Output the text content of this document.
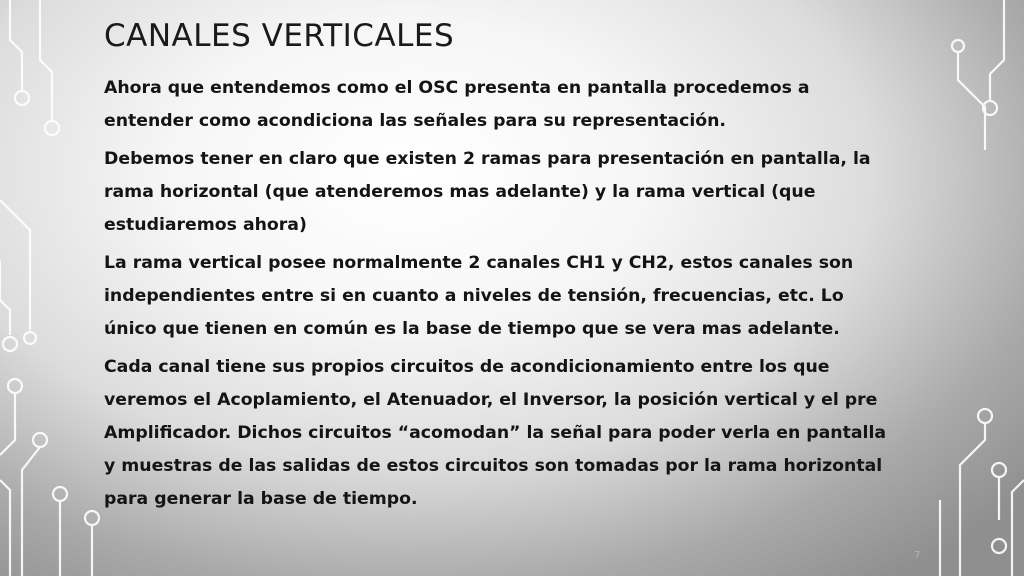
CANALES VERTICALES

Ahora que entendemos como el OSC presenta en pantalla procedemos a entender como acondiciona las señales para su representación.

Debemos tener en claro que existen 2 ramas para presentación en pantalla, la rama horizontal (que atenderemos mas adelante) y la rama vertical (que estudiaremos ahora)

La rama vertical posee normalmente 2 canales CH1 y CH2, estos canales son independientes entre si en cuanto a niveles de tensión, frecuencias, etc. Lo único que tienen en común es la base de tiempo que se vera mas adelante.

Cada canal tiene sus propios circuitos de acondicionamiento entre los que veremos el Acoplamiento, el Atenuador, el Inversor, la posición vertical y el pre Amplificador. Dichos circuitos “acomodan” la señal para poder verla en pantalla y muestras de las salidas de estos circuitos son tomadas por la rama horizontal para generar la base de tiempo.

7
